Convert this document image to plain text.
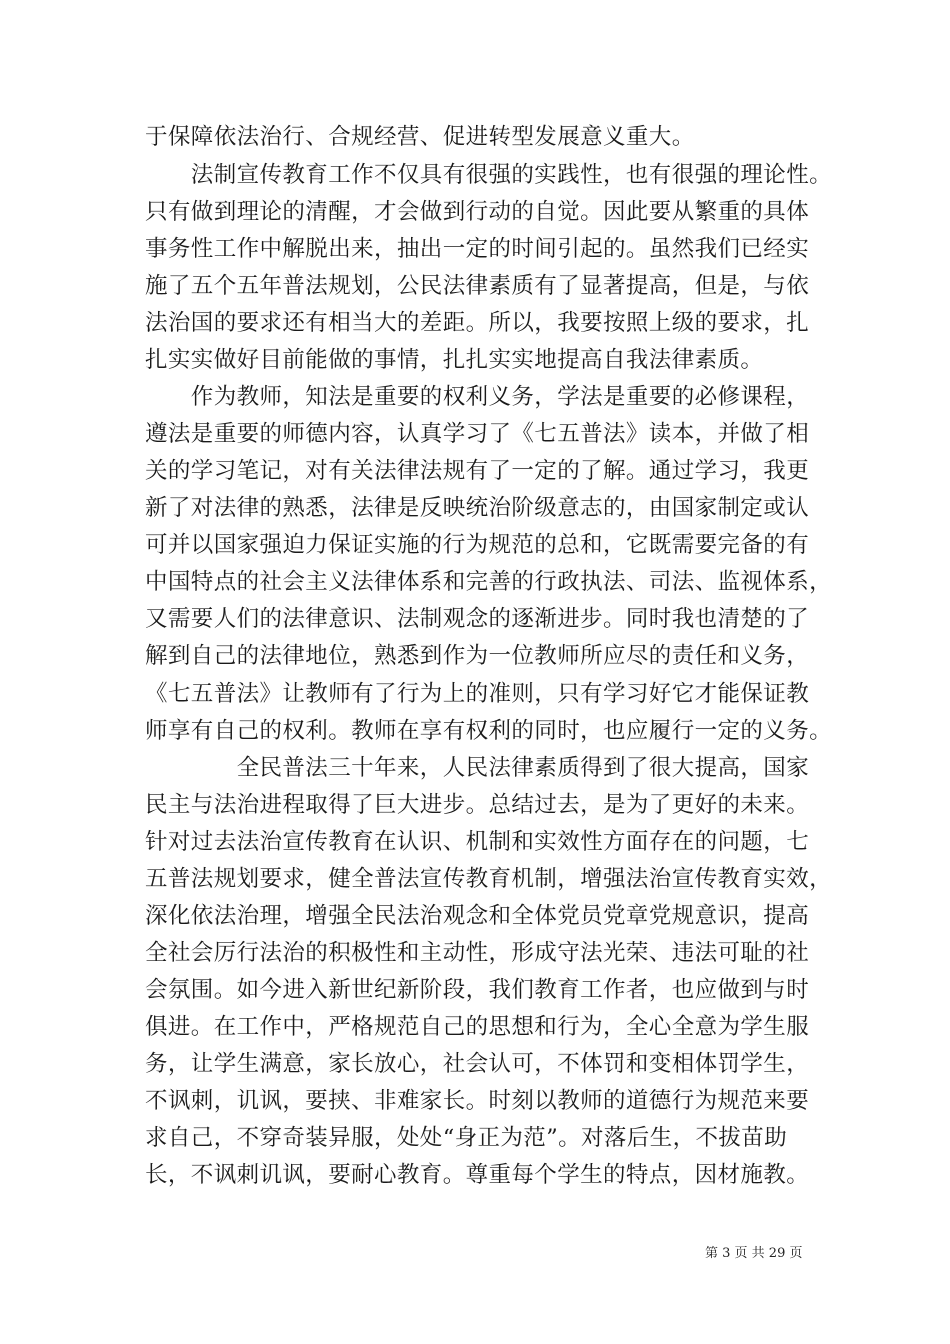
于保障依法治行、合规经营、促进转型发展意义重大。
　　法制宣传教育工作不仅具有很强的实践性，也有很强的理论性。
只有做到理论的清醒，才会做到行动的自觉。因此要从繁重的具体
事务性工作中解脱出来，抽出一定的时间引起的。虽然我们已经实
施了五个五年普法规划，公民法律素质有了显著提高，但是，与依
法治国的要求还有相当大的差距。所以，我要按照上级的要求，扎
扎实实做好目前能做的事情，扎扎实实地提高自我法律素质。
　　作为教师，知法是重要的权利义务，学法是重要的必修课程，
遵法是重要的师德内容，认真学习了《七五普法》读本，并做了相
关的学习笔记，对有关法律法规有了一定的了解。通过学习，我更
新了对法律的熟悉，法律是反映统治阶级意志的，由国家制定或认
可并以国家强迫力保证实施的行为规范的总和，它既需要完备的有
中国特点的社会主义法律体系和完善的行政执法、司法、监视体系，
又需要人们的法律意识、法制观念的逐渐进步。同时我也清楚的了
解到自己的法律地位，熟悉到作为一位教师所应尽的责任和义务，
《七五普法》让教师有了行为上的准则，只有学习好它才能保证教
师享有自己的权利。教师在享有权利的同时，也应履行一定的义务。
　　　　全民普法三十年来，人民法律素质得到了很大提高，国家
民主与法治进程取得了巨大进步。总结过去，是为了更好的未来。
针对过去法治宣传教育在认识、机制和实效性方面存在的问题，七
五普法规划要求，健全普法宣传教育机制，增强法治宣传教育实效，
深化依法治理，增强全民法治观念和全体党员党章党规意识，提高
全社会厉行法治的积极性和主动性，形成守法光荣、违法可耻的社
会氛围。如今进入新世纪新阶段，我们教育工作者，也应做到与时
俱进。在工作中，严格规范自己的思想和行为，全心全意为学生服
务，让学生满意，家长放心，社会认可，不体罚和变相体罚学生，
不讽刺，讥讽，要挟、非难家长。时刻以教师的道德行为规范来要
求自己，不穿奇装异服，处处“身正为范”。对落后生，不拔苗助
长，不讽刺讥讽，要耐心教育。尊重每个学生的特点，因材施教。
第 3 页 共 29 页
